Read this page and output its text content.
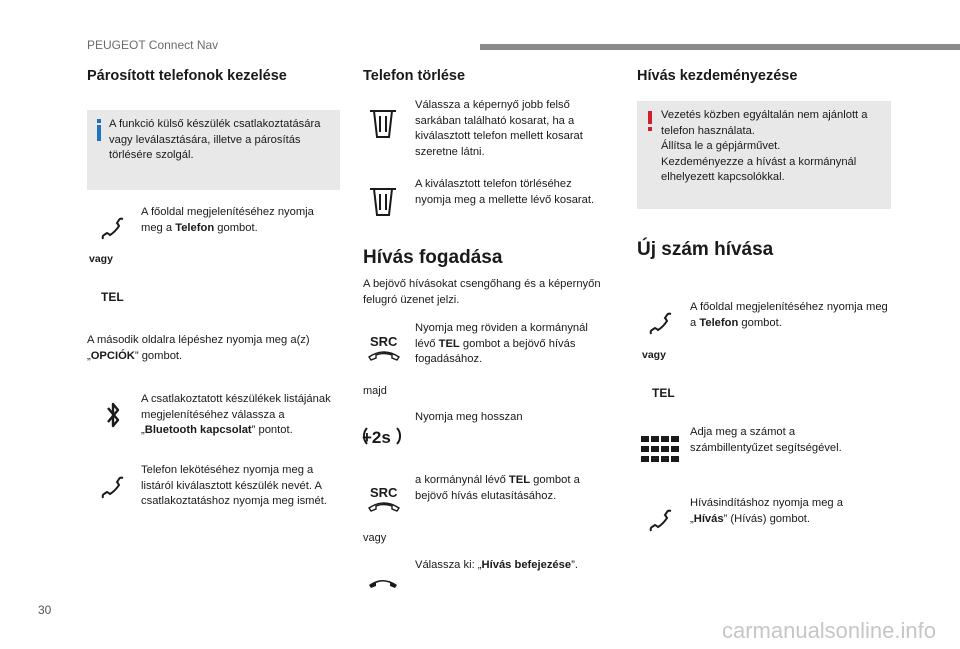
PEUGEOT Connect Nav
Párosított telefonok kezelése
A funkció külső készülék csatlakoztatására vagy leválasztására, illetve a párosítás törlésére szolgál.
A főoldal megjelenítéséhez nyomja meg a Telefon gombot.
vagy
TEL
A második oldalra lépéshez nyomja meg a(z) „OPCIÓK” gombot.
A csatlakoztatott készülékek listájának megjelenítéséhez válassza a „Bluetooth kapcsolat” pontot.
Telefon lekötéséhez nyomja meg a listáról kiválasztott készülék nevét. A csatlakoztatáshoz nyomja meg ismét.
Telefon törlése
Válassza a képernyő jobb felső sarkában található kosarat, ha a kiválasztott telefon mellett kosarat szeretne látni.
A kiválasztott telefon törléséhez nyomja meg a mellette lévő kosarat.
Hívás fogadása
A bejövő hívásokat csengőhang és a képernyőn felugró üzenet jelzi.
SRC
Nyomja meg röviden a kormánynál lévő TEL gombot a bejövő hívás fogadásához.
majd
+2s
Nyomja meg hosszan
SRC
a kormánynál lévő TEL gombot a bejövő hívás elutasításához.
vagy
Válassza ki: „Hívás befejezése”.
Hívás kezdeményezése
Vezetés közben egyáltalán nem ajánlott a telefon használata.
Állítsa le a gépjárművet.
Kezdeményezze a hívást a kormánynál elhelyezett kapcsolókkal.
Új szám hívása
A főoldal megjelenítéséhez nyomja meg a Telefon gombot.
vagy
TEL
Adja meg a számot a számbillentyűzet segítségével.
Hívásindításhoz nyomja meg a „Hívás” (Hívás) gombot.
30
carmanualsonline.info
